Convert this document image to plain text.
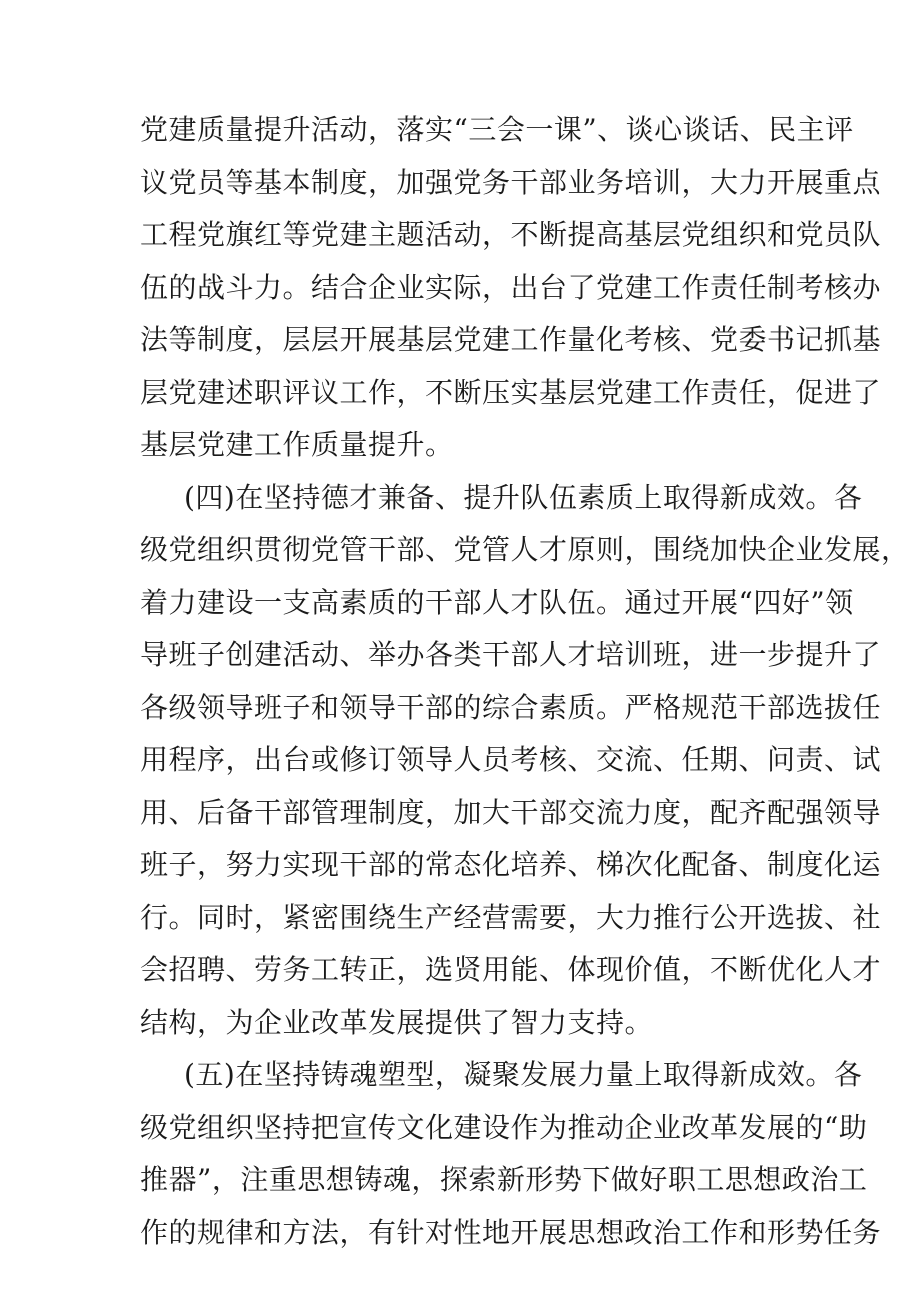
党建质量提升活动，落实“三会一课”、谈心谈话、民主评
议党员等基本制度，加强党务干部业务培训，大力开展重点
工程党旗红等党建主题活动，不断提高基层党组织和党员队
伍的战斗力。结合企业实际，出台了党建工作责任制考核办
法等制度，层层开展基层党建工作量化考核、党委书记抓基
层党建述职评议工作，不断压实基层党建工作责任，促进了
基层党建工作质量提升。
(四)在坚持德才兼备、提升队伍素质上取得新成效。各
级党组织贯彻党管干部、党管人才原则，围绕加快企业发展，
着力建设一支高素质的干部人才队伍。通过开展“四好”领
导班子创建活动、举办各类干部人才培训班，进一步提升了
各级领导班子和领导干部的综合素质。严格规范干部选拔任
用程序，出台或修订领导人员考核、交流、任期、问责、试
用、后备干部管理制度，加大干部交流力度，配齐配强领导
班子，努力实现干部的常态化培养、梯次化配备、制度化运
行。同时，紧密围绕生产经营需要，大力推行公开选拔、社
会招聘、劳务工转正，选贤用能、体现价值，不断优化人才
结构，为企业改革发展提供了智力支持。
(五)在坚持铸魂塑型，凝聚发展力量上取得新成效。各
级党组织坚持把宣传文化建设作为推动企业改革发展的“助
推器”，注重思想铸魂，探索新形势下做好职工思想政治工
作的规律和方法，有针对性地开展思想政治工作和形势任务
